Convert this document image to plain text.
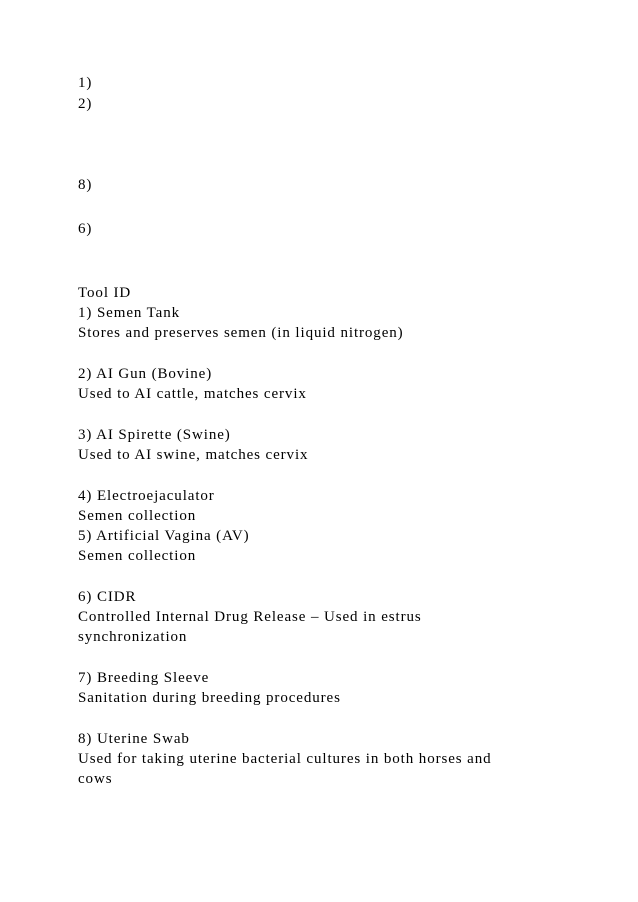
1)

2)

8)

6)

Tool ID

1) Semen Tank

Stores and preserves semen (in liquid nitrogen)

2) AI Gun (Bovine)

Used to AI cattle, matches cervix

3) AI Spirette (Swine)

Used to AI swine, matches cervix

4) Electroejaculator

Semen collection

5) Artificial Vagina (AV)

Semen collection

6) CIDR

Controlled Internal Drug Release – Used in estrus

synchronization

7) Breeding Sleeve

Sanitation during breeding procedures

8) Uterine Swab

Used for taking uterine bacterial cultures in both horses and

cows
